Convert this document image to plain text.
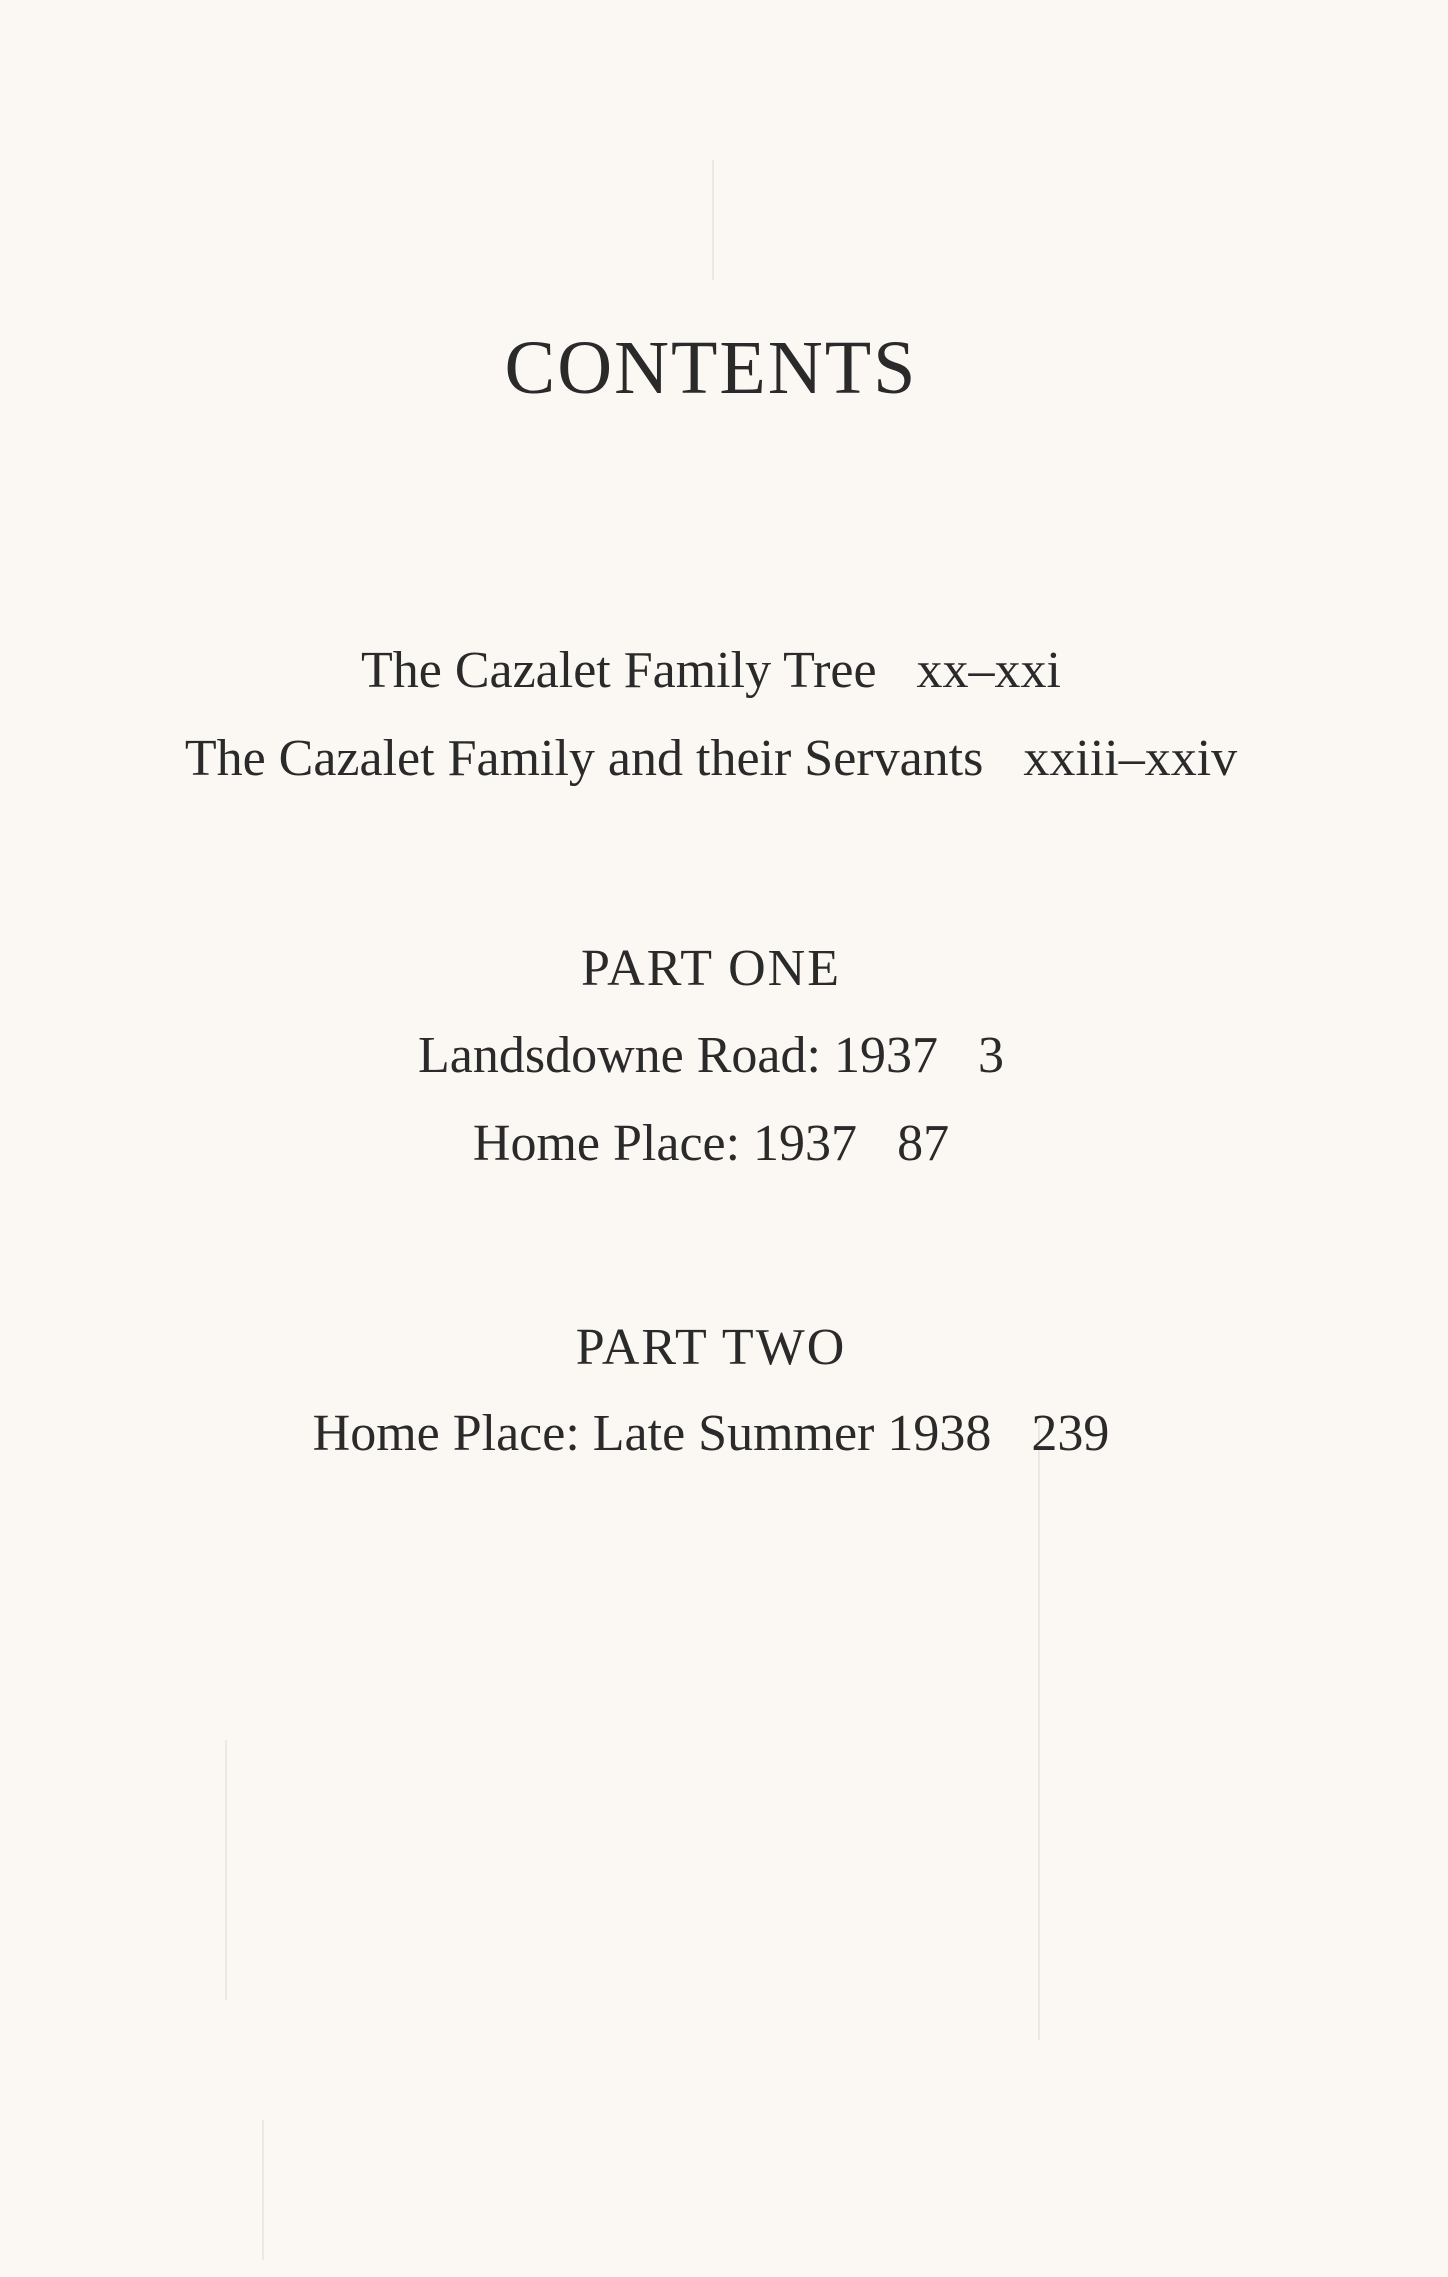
CONTENTS
The Cazalet Family Tree xx–xxi
The Cazalet Family and their Servants xxiii–xxiv
PART ONE
Landsdowne Road: 1937 3
Home Place: 1937 87
PART TWO
Home Place: Late Summer 1938 239
